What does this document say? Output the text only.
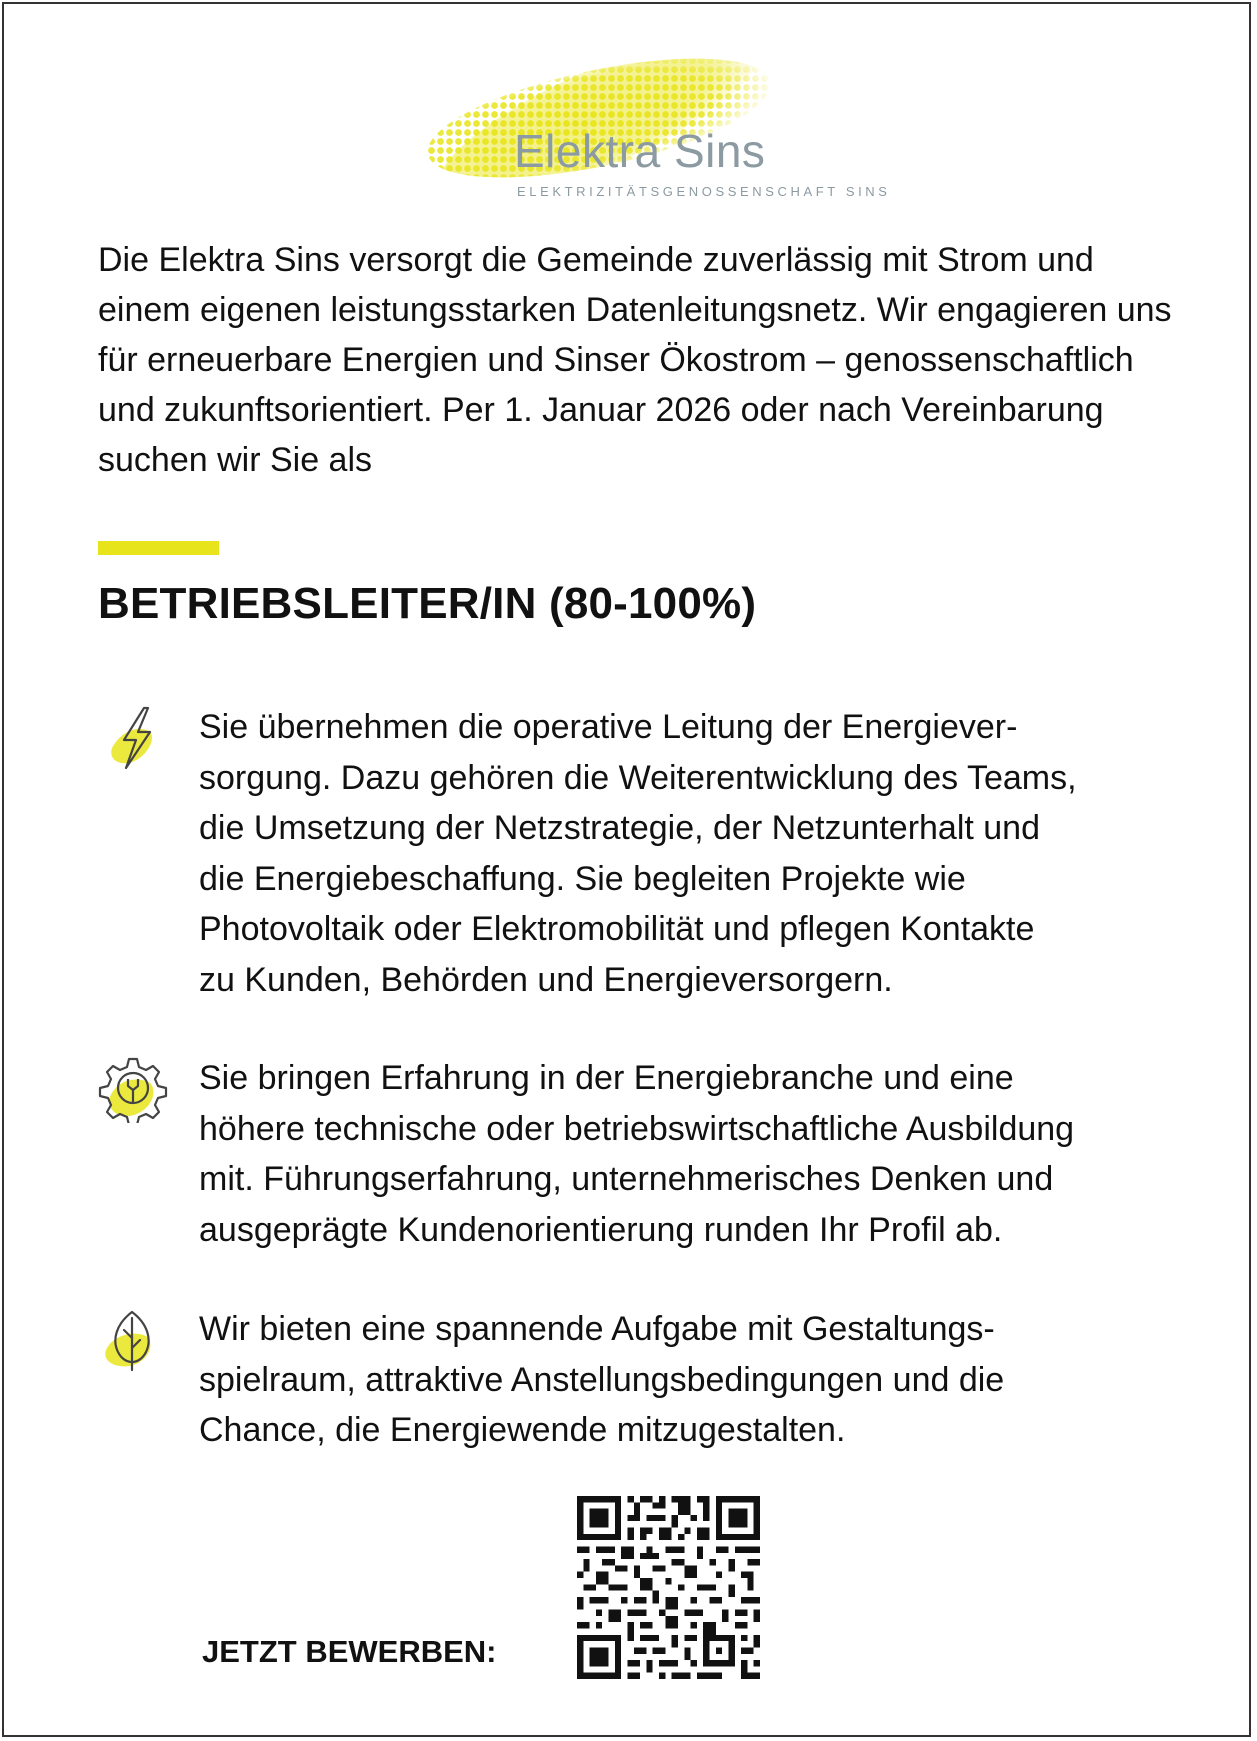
Elektra Sins
ELEKTRIZITÄTSGENOSSENSCHAFT SINS

Die Elektra Sins versorgt die Gemeinde zuverlässig mit Strom und einem eigenen leistungsstarken Datenleitungsnetz. Wir engagieren uns für erneuerbare Energien und Sinser Ökostrom – genossenschaftlich und zukunftsorientiert. Per 1. Januar 2026 oder nach Vereinbarung suchen wir Sie als

BETRIEBSLEITER/IN (80-100%)

Sie übernehmen die operative Leitung der Energiever-
sorgung. Dazu gehören die Weiterentwicklung des Teams,
die Umsetzung der Netzstrategie, der Netzunterhalt und
die Energiebeschaffung. Sie begleiten Projekte wie
Photovoltaik oder Elektromobilität und pflegen Kontakte
zu Kunden, Behörden und Energieversorgern.

Sie bringen Erfahrung in der Energiebranche und eine
höhere technische oder betriebswirtschaftliche Ausbildung
mit. Führungserfahrung, unternehmerisches Denken und
ausgeprägte Kundenorientierung runden Ihr Profil ab.

Wir bieten eine spannende Aufgabe mit Gestaltungs-
spielraum, attraktive Anstellungsbedingungen und die
Chance, die Energiewende mitzugestalten.

JETZT BEWERBEN:
